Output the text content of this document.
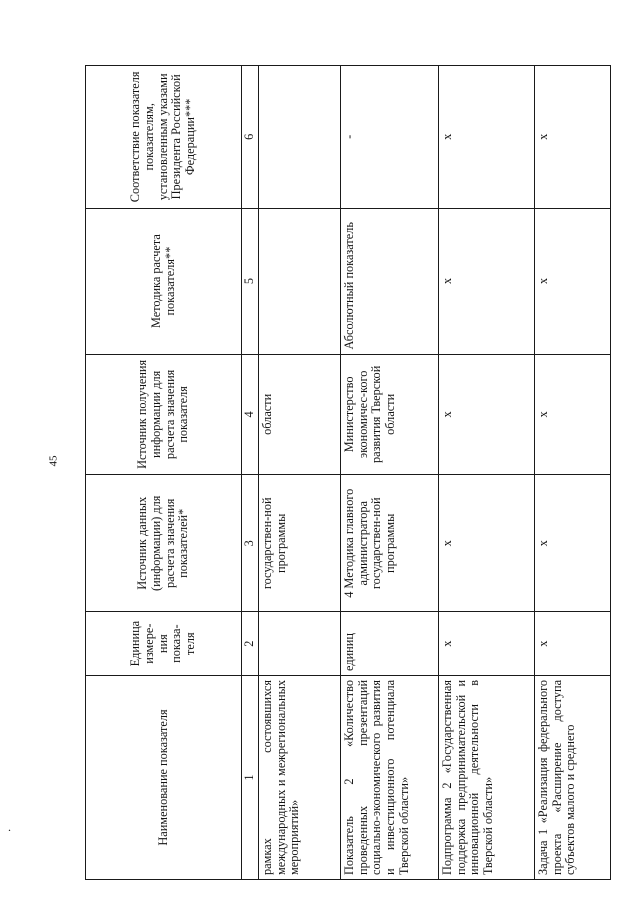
45
.	Наименование показателя	Единица измере-ния показа-теля	Источник данных (информации) для расчета значения показателей*	Источник получения информации для расчета значения показателя	Методика расчета показателя**	Соответствие показателя показателям, установленным указами Президента Российской Федерации***
1	2	3	4	5	6
рамках состоявшихся международных и межрегиональных мероприятий»		государствен-ной программы	области		
Показатель 2 «Количество проведенных презентаций социально-экономического развития и инвестиционного потенциала Тверской области»	единиц	4 Методика главного администратора государствен-ной программы	Министерство экономичес-кого развития Тверской области	Абсолютный показатель	-
Подпрограмма 2 «Государственная поддержка предпринимательской и инновационной деятельности в Тверской области»	х	х	х	х	х
Задача 1 «Реализация федерального проекта «Расширение доступа субъектов малого и среднего	х	х	х	х	х
